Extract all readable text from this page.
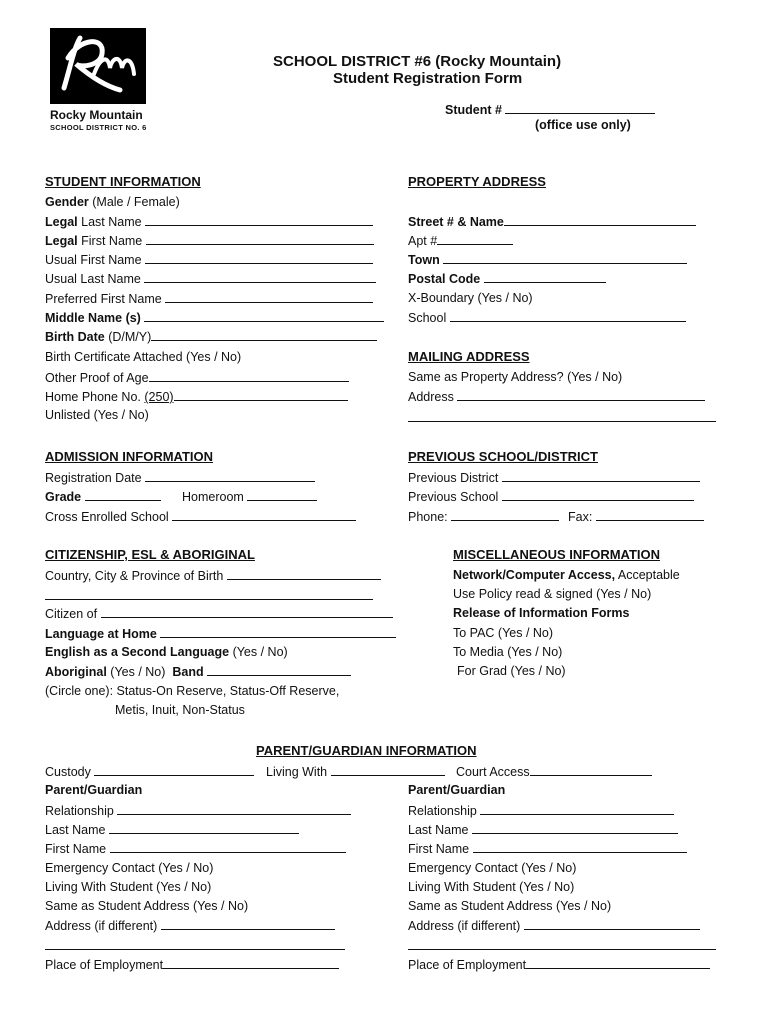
Rocky Mountain
SCHOOL DISTRICT NO. 6
SCHOOL DISTRICT #6 (Rocky Mountain)
Student Registration Form
Student #
(office use only)
STUDENT INFORMATION
Gender (Male / Female)
Legal Last Name
Legal First Name
Usual First Name
Usual Last Name
Preferred First Name
Middle Name (s)
Birth Date (D/M/Y)
Birth Certificate Attached (Yes / No)
Other Proof of Age
Home Phone No. (250)
Unlisted (Yes / No)
PROPERTY ADDRESS
Street # & Name
Apt #
Town
Postal Code
X-Boundary (Yes / No)
School
MAILING ADDRESS
Same as Property Address? (Yes / No)
Address
ADMISSION INFORMATION
Registration Date
Grade	Homeroom
Cross Enrolled School
PREVIOUS SCHOOL/DISTRICT
Previous District
Previous School
Phone:	Fax:
CITIZENSHIP, ESL & ABORIGINAL
Country, City & Province of Birth
Citizen of
Language at Home
English as a Second Language (Yes / No)
Aboriginal (Yes / No) Band
(Circle one): Status-On Reserve, Status-Off Reserve,
Metis, Inuit, Non-Status
MISCELLANEOUS INFORMATION
Network/Computer Access, Acceptable
Use Policy read & signed (Yes / No)
Release of Information Forms
To PAC (Yes / No)
To Media (Yes / No)
For Grad (Yes / No)
PARENT/GUARDIAN INFORMATION
Custody	Living With	Court Access
Parent/Guardian
Relationship
Last Name
First Name
Emergency Contact (Yes / No)
Living With Student (Yes / No)
Same as Student Address (Yes / No)
Address (if different)
Place of Employment
Parent/Guardian
Relationship
Last Name
First Name
Emergency Contact (Yes / No)
Living With Student (Yes / No)
Same as Student Address (Yes / No)
Address (if different)
Place of Employment
